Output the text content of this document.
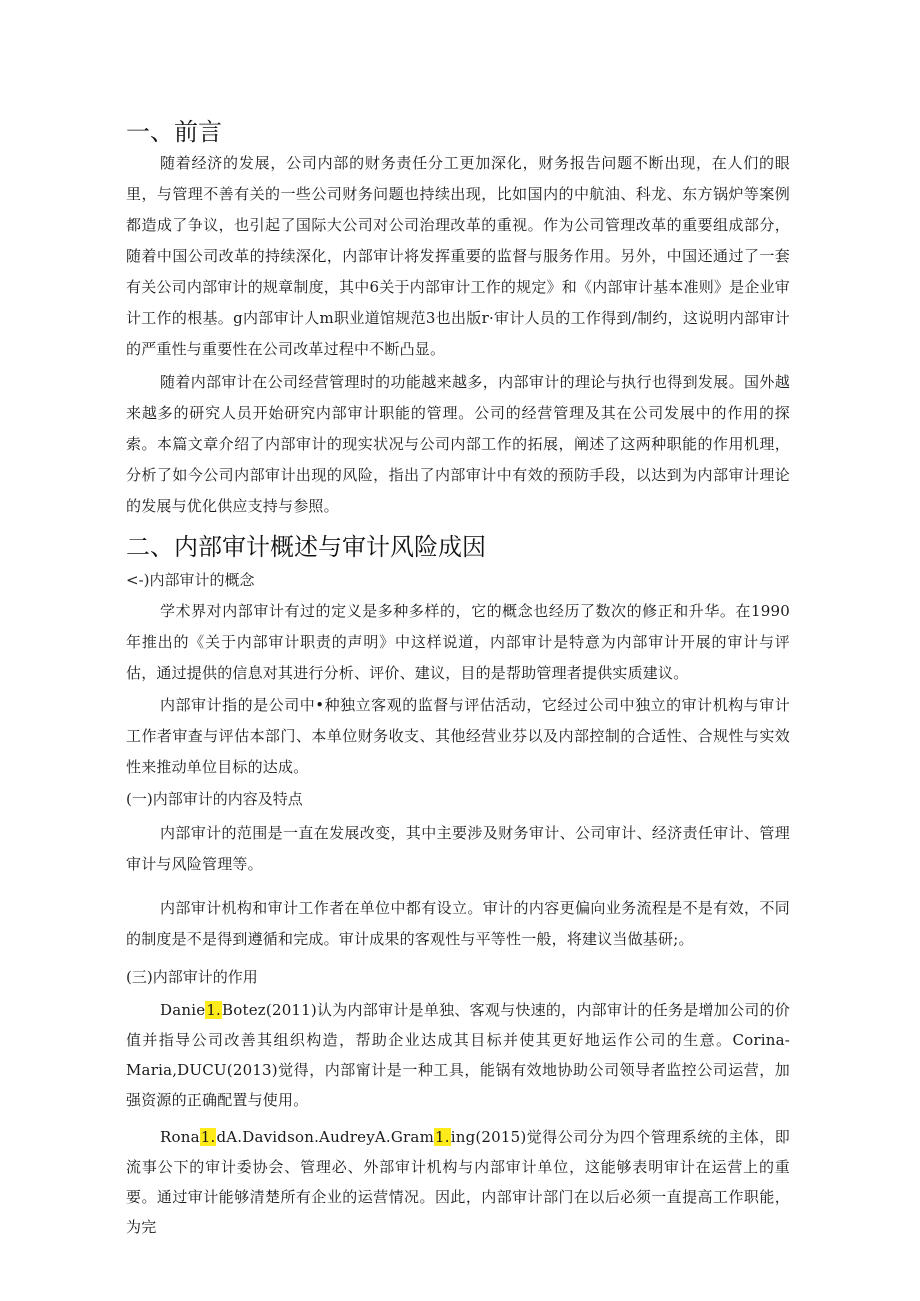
一、前言

随着经济的发展，公司内部的财务责任分工更加深化，财务报告问题不断出现，在人们的眼里，与管理不善有关的一些公司财务问题也持续出现，比如国内的中航油、科龙、东方锅炉等案例都造成了争议，也引起了国际大公司对公司治理改革的重视。作为公司管理改革的重要组成部分，随着中国公司改革的持续深化，内部审计将发挥重要的监督与服务作用。另外，中国还通过了一套有关公司内部审计的规章制度，其中6关于内部审计工作的规定》和《内部审计基本准则》是企业审计工作的根基。g内部审计人m职业道馆规范3也出版r·审计人员的工作得到/制约，这说明内部审计的严重性与重要性在公司改革过程中不断凸显。

随着内部审计在公司经营管理时的功能越来越多，内部审计的理论与执行也得到发展。国外越来越多的研究人员开始研究内部审计职能的管理。公司的经营管理及其在公司发展中的作用的探索。本篇文章介绍了内部审计的现实状况与公司内部工作的拓展，阐述了这两种职能的作用机理，分析了如今公司内部审计出现的风险，指出了内部审计中有效的预防手段，以达到为内部审计理论的发展与优化供应支持与参照。

二、内部审计概述与审计风险成因

<-)内部审计的概念

学术界对内部审计有过的定义是多种多样的，它的概念也经历了数次的修正和升华。在1990年推出的《关于内部审计职责的声明》中这样说道，内部审计是特意为内部审计开展的审计与评估，通过提供的信息对其进行分析、评价、建议，目的是帮助管理者提供实质建议。

内部审计指的是公司中•种独立客观的监督与评估活动，它经过公司中独立的审计机构与审计工作者审查与评估本部门、本单位财务收支、其他经营业芬以及内部控制的合适性、合规性与实效性来推动单位目标的达成。

(一)内部审计的内容及特点

内部审计的范围是一直在发展改变，其中主要涉及财务审计、公司审计、经济责任审计、管理审计与风险管理等。

内部审计机构和审计工作者在单位中都有设立。审计的内容更偏向业务流程是不是有效，不同的制度是不是得到遵循和完成。审计成果的客观性与平等性一般，将建议当做基研;。

(三)内部审计的作用

Danie1.Botez(2011)认为内部审计是单独、客观与快速的，内部审计的任务是增加公司的价值并指导公司改善其组织构造，帮助企业达成其目标并使其更好地运作公司的生意。Corina-Maria,DUCU(2013)觉得，内部甯计是一种工具，能锅有效地协助公司领导者监控公司运营，加强资源的正确配置与使用。

Rona1.dA.Davidson.AudreyA.Gram1.ing(2015)觉得公司分为四个管理系统的主体，即流事公下的审计委协会、管理必、外部审计机构与内部审计单位，这能够表明审计在运营上的重要。通过审计能够清楚所有企业的运营情况。因此，内部审计部门在以后必须一直提高工作职能，为完
